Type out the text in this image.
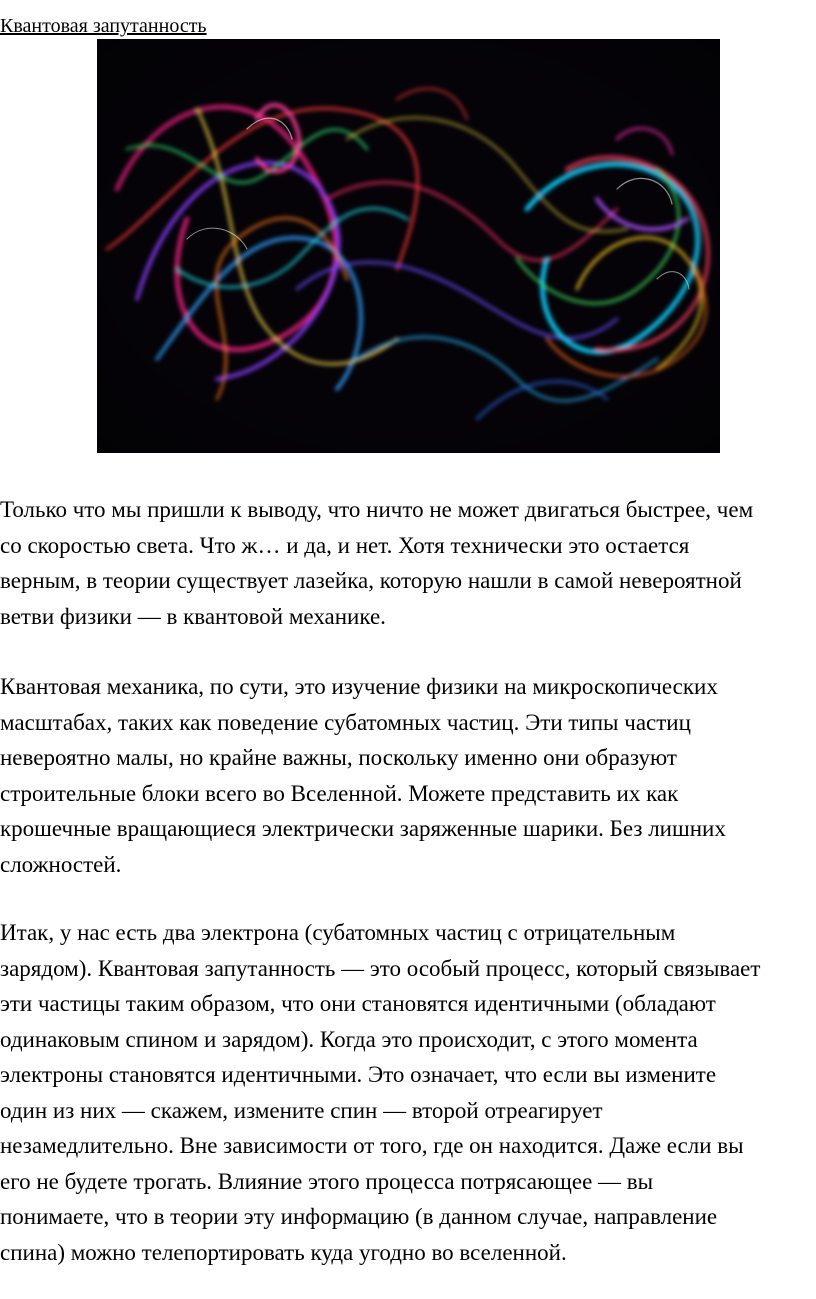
Квантовая запутанность
Только что мы пришли к выводу, что ничто не может двигаться быстрее, чем
со скоростью света. Что ж… и да, и нет. Хотя технически это остается
верным, в теории существует лазейка, которую нашли в самой невероятной
ветви физики — в квантовой механике.
Квантовая механика, по сути, это изучение физики на микроскопических
масштабах, таких как поведение субатомных частиц. Эти типы частиц
невероятно малы, но крайне важны, поскольку именно они образуют
строительные блоки всего во Вселенной. Можете представить их как
крошечные вращающиеся электрически заряженные шарики. Без лишних
сложностей.
Итак, у нас есть два электрона (субатомных частиц с отрицательным
зарядом). Квантовая запутанность — это особый процесс, который связывает
эти частицы таким образом, что они становятся идентичными (обладают
одинаковым спином и зарядом). Когда это происходит, с этого момента
электроны становятся идентичными. Это означает, что если вы измените
один из них — скажем, измените спин — второй отреагирует
незамедлительно. Вне зависимости от того, где он находится. Даже если вы
его не будете трогать. Влияние этого процесса потрясающее — вы
понимаете, что в теории эту информацию (в данном случае, направление
спина) можно телепортировать куда угодно во вселенной.
